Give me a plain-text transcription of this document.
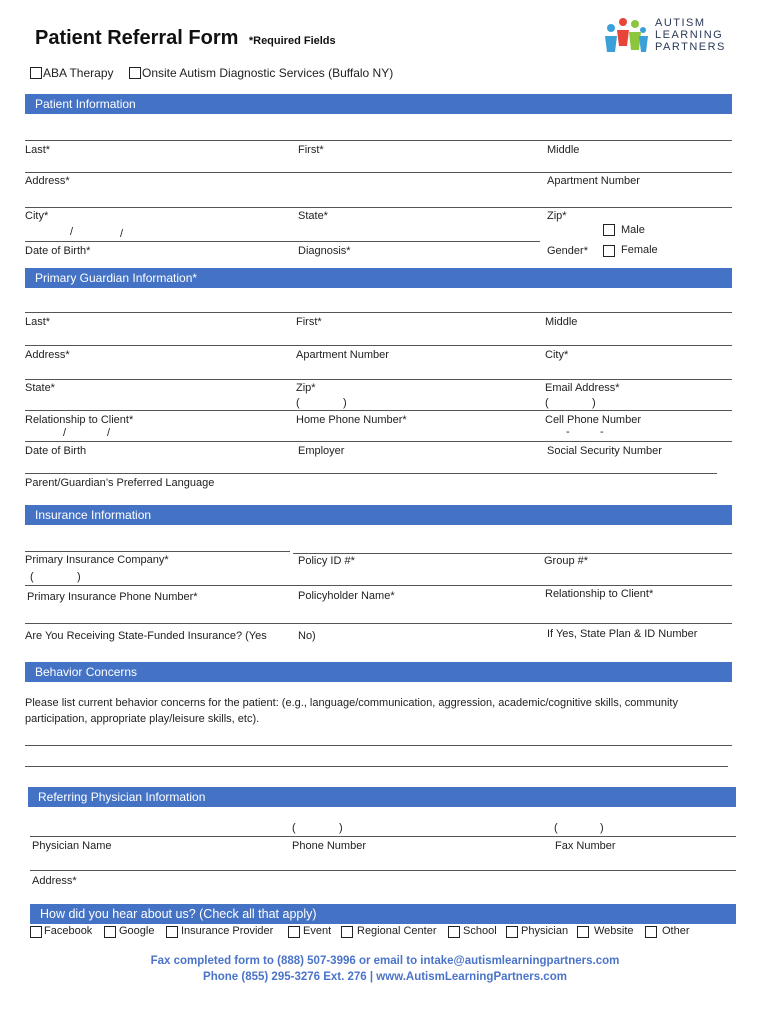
Patient Referral Form *Required Fields
AUTISM
LEARNING
PARTNERS
ABA Therapy Onsite Autism Diagnostic Services (Buffalo NY)
Patient Information
Last*	First*	Middle
Address*	Apartment Number
City*	State*	Zip*
/	/	Male
Date of Birth*	Diagnosis*	Gender*	Female
Primary Guardian Information*
Last*	First*	Middle
Address*	Apartment Number	City*
State*	Zip*	Email Address*
(	)	(	)
Relationship to Client*	Home Phone Number*	Cell Phone Number
/	/	-	-
Date of Birth	Employer	Social Security Number
Parent/Guardian’s Preferred Language
Insurance Information
Primary Insurance Company*	Policy ID #*	Group #*
(	)
Primary Insurance Phone Number*	Policyholder Name*	Relationship to Client*
Are You Receiving State-Funded Insurance? (Yes	No)	If Yes, State Plan & ID Number
Behavior Concerns
Please list current behavior concerns for the patient: (e.g., language/communication, aggression, academic/cognitive skills, community
participation, appropriate play/leisure skills, etc).
Referring Physician Information
(	)	(	)
Physician Name	Phone Number	Fax Number
Address*
How did you hear about us? (Check all that apply)
Facebook Google Insurance Provider	Event Regional Center School Physician Website	Other
Fax completed form to (888) 507-3996 or email to intake@autismlearningpartners.com
Phone (855) 295-3276 Ext. 276 | www.AutismLearningPartners.com
